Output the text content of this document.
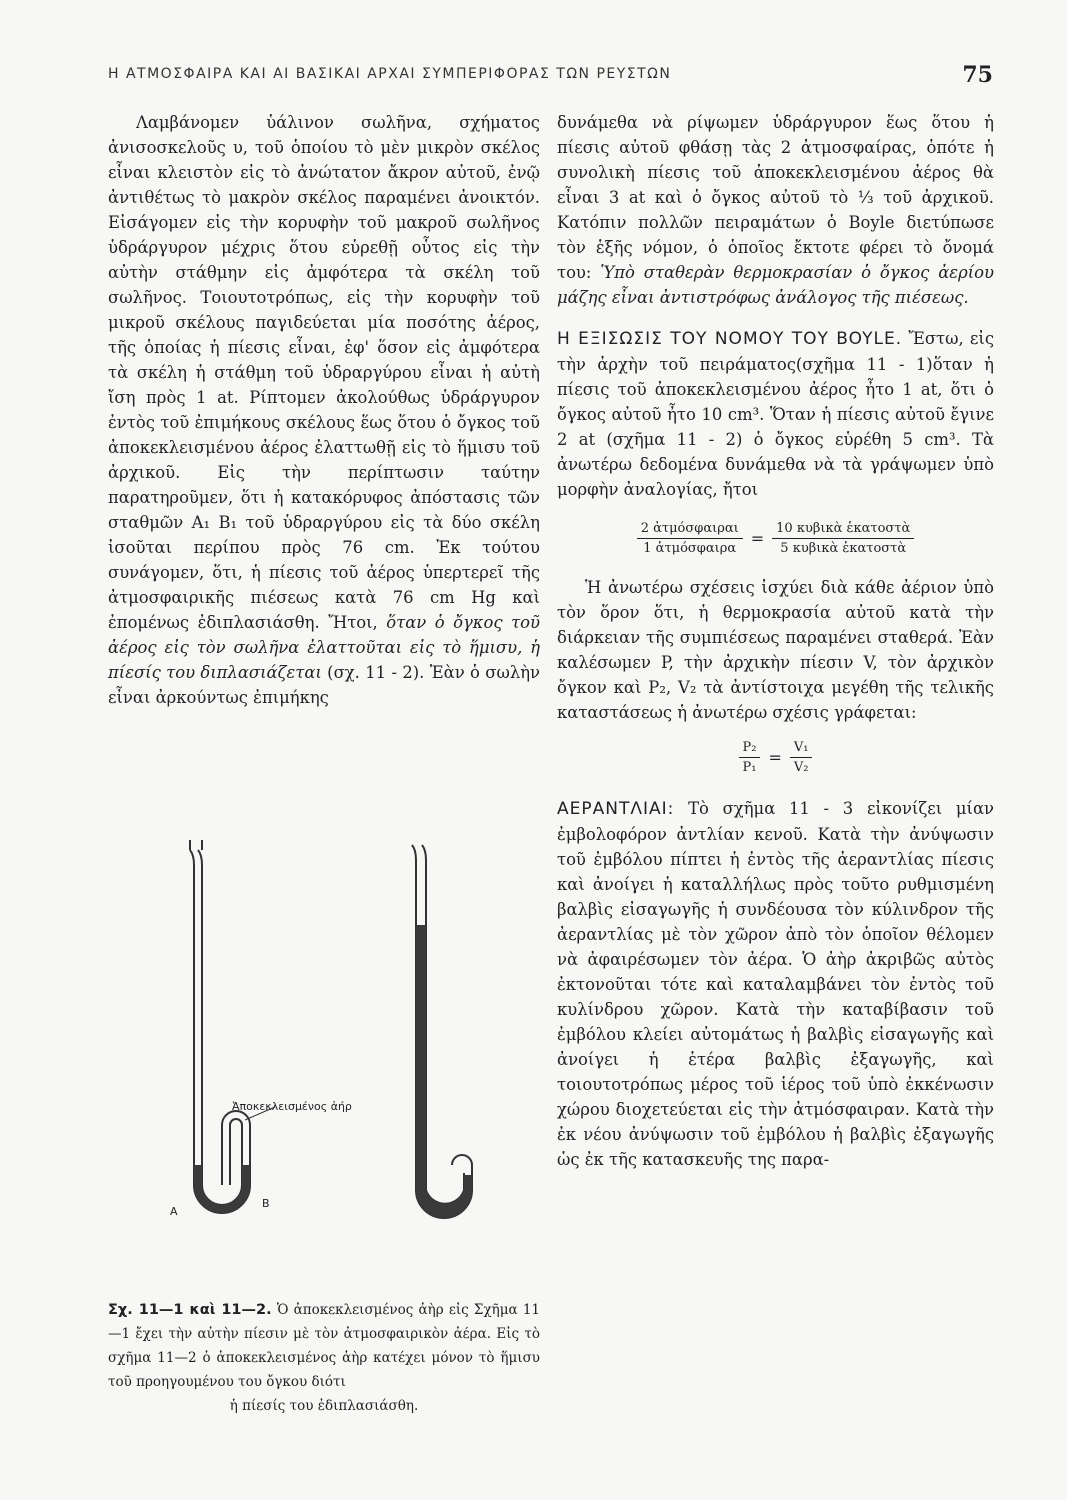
Η ΑΤΜΟΣΦΑΙΡΑ ΚΑΙ ΑΙ ΒΑΣΙΚΑΙ ΑΡΧΑΙ ΣΥΜΠΕΡΙΦΟΡΑΣ ΤΩΝ ΡΕΥΣΤΩΝ	75

Λαμβάνομεν ὑάλινον σωλῆνα, σχήματος ἀνισοσκελοῦς υ, τοῦ ὁποίου τὸ μὲν μικρὸν σκέλος εἶναι κλειστὸν εἰς τὸ ἀνώτατον ἄκρον αὐτοῦ, ἐνῷ ἀντιθέτως τὸ μακρὸν σκέλος παραμένει ἀνοικτόν. Εἰσάγομεν εἰς τὴν κορυφὴν τοῦ μακροῦ σωλῆνος ὑδράργυρον μέχρις ὅτου εὑρεθῇ οὗτος εἰς τὴν αὐτὴν στάθμην εἰς ἀμφότερα τὰ σκέλη τοῦ σωλῆνος. Τοιουτοτρόπως, εἰς τὴν κορυφὴν τοῦ μικροῦ σκέλους παγιδεύεται μία ποσότης ἀέρος, τῆς ὁποίας ἡ πίεσις εἶναι, ἐφ' ὅσον εἰς ἀμφότερα τὰ σκέλη ἡ στάθμη τοῦ ὑδραργύρου εἶναι ἡ αὐτὴ ἴση πρὸς 1 at. Ρίπτομεν ἀκολούθως ὑδράργυρον ἐντὸς τοῦ ἐπιμήκους σκέλους ἕως ὅτου ὁ ὄγκος τοῦ ἀποκεκλεισμένου ἀέρος ἐλαττωθῇ εἰς τὸ ἥμισυ τοῦ ἀρχικοῦ. Εἰς τὴν περίπτωσιν ταύτην παρατηροῦμεν, ὅτι ἡ κατακόρυφος ἀπόστασις τῶν σταθμῶν A₁ B₁ τοῦ ὑδραργύρου εἰς τὰ δύο σκέλη ἰσοῦται περίπου πρὸς 76 cm. Ἐκ τούτου συνάγομεν, ὅτι, ἡ πίεσις τοῦ ἀέρος ὑπερτερεῖ τῆς ἀτμοσφαιρικῆς πιέσεως κατὰ 76 cm Hg καὶ ἐπομένως ἐδιπλασιάσθη. Ἤτοι, ὅταν ὁ ὄγκος τοῦ ἀέρος εἰς τὸν σωλῆνα ἐλαττοῦται εἰς τὸ ἥμισυ, ἡ πίεσίς του διπλασιάζεται (σχ. 11 - 2). Ἐὰν ὁ σωλὴν εἶναι ἀρκούντως ἐπιμήκης

Ἀποκεκλεισμένος ἀήρ
A
B
Σχ. 11—1 καὶ 11—2. Ὁ ἀποκεκλεισμένος ἀὴρ εἰς Σχῆμα 11—1 ἔχει τὴν αὐτὴν πίεσιν μὲ τὸν ἀτμοσφαιρικὸν ἀέρα. Εἰς τὸ σχῆμα 11—2 ὁ ἀποκεκλεισμένος ἀὴρ κατέχει μόνον τὸ ἥμισυ τοῦ προηγουμένου του ὄγκου διότι
ἡ πίεσίς του ἐδιπλασιάσθη.

δυνάμεθα νὰ ρίψωμεν ὑδράργυρον ἕως ὅτου ἡ πίεσις αὐτοῦ φθάσῃ τὰς 2 ἀτμοσφαίρας, ὁπότε ἡ συνολικὴ πίεσις τοῦ ἀποκεκλεισμένου ἀέρος θὰ εἶναι 3 at καὶ ὁ ὄγκος αὐτοῦ τὸ ⅓ τοῦ ἀρχικοῦ. Κατόπιν πολλῶν πειραμάτων ὁ Boyle διετύπωσε τὸν ἑξῆς νόμον, ὁ ὁποῖος ἔκτοτε φέρει τὸ ὄνομά του: Ὑπὸ σταθερὰν θερμοκρασίαν ὁ ὄγκος ἀερίου μάζης εἶναι ἀντιστρόφως ἀνάλογος τῆς πιέσεως.

Η ΕΞΙΣΩΣΙΣ ΤΟΥ ΝΟΜΟΥ ΤΟΥ BOYLE. Ἔστω, εἰς τὴν ἀρχὴν τοῦ πειράματος(σχῆμα 11 - 1)ὅταν ἡ πίεσις τοῦ ἀποκεκλεισμένου ἀέρος ἦτο 1 at, ὅτι ὁ ὄγκος αὐτοῦ ἦτο 10 cm³. Ὅταν ἡ πίεσις αὐτοῦ ἔγινε 2 at (σχῆμα 11 - 2) ὁ ὄγκος εὑρέθη 5 cm³. Τὰ ἀνωτέρω δεδομένα δυνάμεθα νὰ τὰ γράψωμεν ὑπὸ μορφὴν ἀναλογίας, ἤτοι

$\frac{\text{2 ἀτμόσφαιραι}}{\text{1 ἀτμόσφαιρα}} = \frac{\text{10 κυβικὰ ἑκατοστὰ}}{\text{5 κυβικὰ ἑκατοστὰ}}$

Ἡ ἀνωτέρω σχέσεις ἰσχύει διὰ κάθε ἀέριον ὑπὸ τὸν ὅρον ὅτι, ἡ θερμοκρασία αὐτοῦ κατὰ τὴν διάρκειαν τῆς συμπιέσεως παραμένει σταθερά. Ἐὰν καλέσωμεν P, τὴν ἀρχικὴν πίεσιν V, τὸν ἀρχικὸν ὄγκον καὶ P₂, V₂ τὰ ἀντίστοιχα μεγέθη τῆς τελικῆς καταστάσεως ἡ ἀνωτέρω σχέσις γράφεται:

$\frac{\text{P₂}}{\text{P₁}} = \frac{\text{V₁}}{\text{V₂}}$

ΑΕΡΑΝΤΛΙΑΙ: Τὸ σχῆμα 11 - 3 εἰκονίζει μίαν ἐμβολοφόρον ἀντλίαν κενοῦ. Κατὰ τὴν ἀνύψωσιν τοῦ ἐμβόλου πίπτει ἡ ἐντὸς τῆς ἀεραντλίας πίεσις καὶ ἀνοίγει ἡ καταλλήλως πρὸς τοῦτο ρυθμισμένη βαλβὶς εἰσαγωγῆς ἡ συνδέουσα τὸν κύλινδρον τῆς ἀεραντλίας μὲ τὸν χῶρον ἀπὸ τὸν ὁποῖον θέλομεν νὰ ἀφαιρέσωμεν τὸν ἀέρα. Ὁ ἀὴρ ἀκριβῶς αὐτὸς ἐκτονοῦται τότε καὶ καταλαμβάνει τὸν ἐντὸς τοῦ κυλίνδρου χῶρον. Κατὰ τὴν καταβίβασιν τοῦ ἐμβόλου κλείει αὐτομάτως ἡ βαλβὶς εἰσαγωγῆς καὶ ἀνοίγει ἡ ἑτέρα βαλβὶς ἐξαγωγῆς, καὶ τοιουτοτρόπως μέρος τοῦ ἱέρος τοῦ ὑπὸ ἐκκένωσιν χώρου διοχετεύεται εἰς τὴν ἀτμόσφαιραν. Κατὰ τὴν ἐκ νέου ἀνύψωσιν τοῦ ἐμβόλου ἡ βαλβὶς ἐξαγωγῆς ὡς ἐκ τῆς κατασκευῆς της παρα-
